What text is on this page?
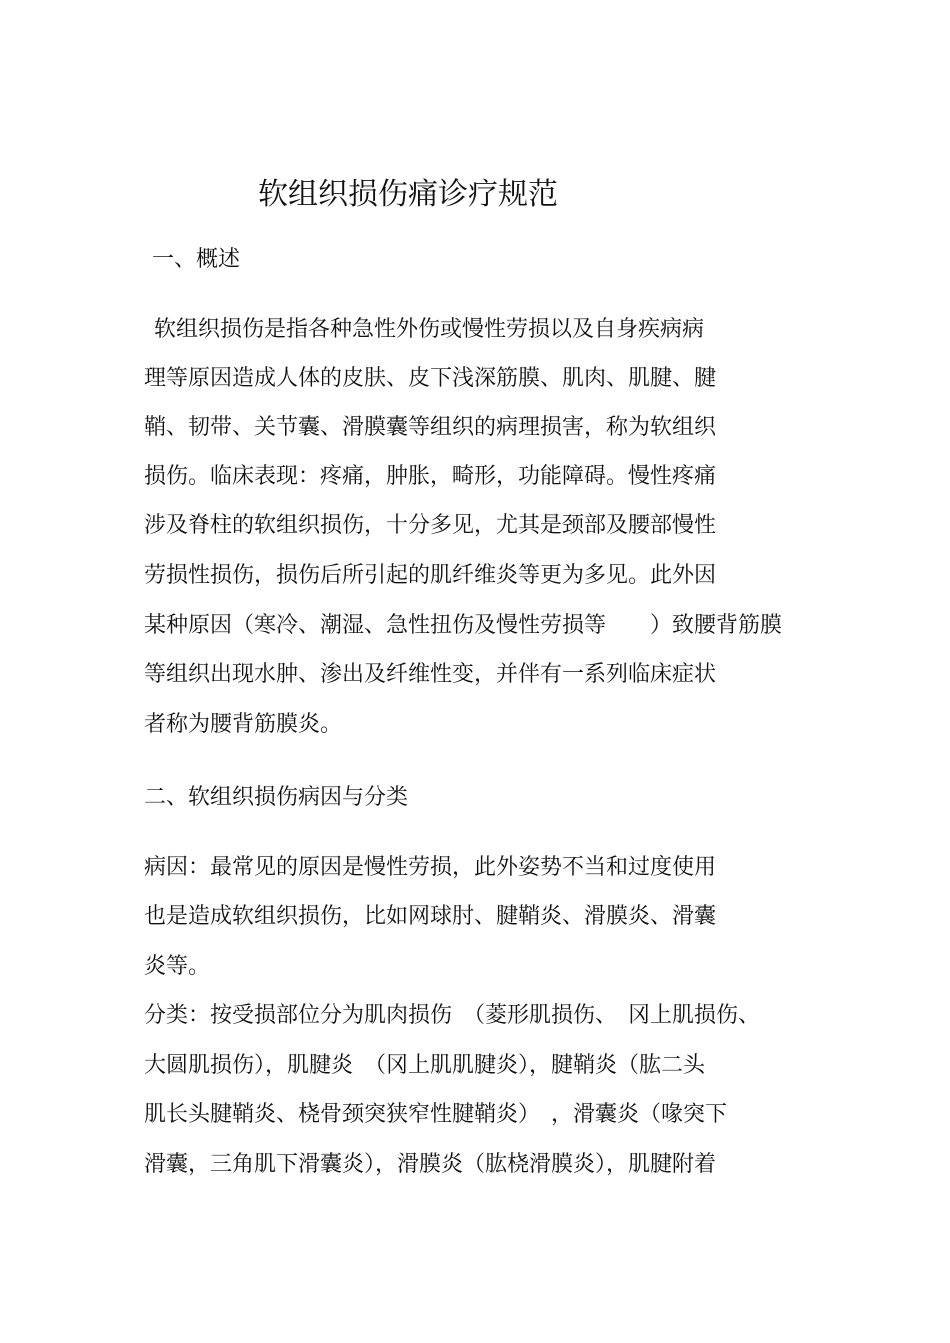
软组织损伤痛诊疗规范
一、概述
软组织损伤是指各种急性外伤或慢性劳损以及自身疾病病
理等原因造成人体的皮肤、皮下浅深筋膜、肌肉、肌腱、腱
鞘、韧带、关节囊、滑膜囊等组织的病理损害，称为软组织
损伤。临床表现：疼痛，肿胀，畸形，功能障碍。慢性疼痛
涉及脊柱的软组织损伤，十分多见，尤其是颈部及腰部慢性
劳损性损伤，损伤后所引起的肌纤维炎等更为多见。此外因
某种原因（寒冷、潮湿、急性扭伤及慢性劳损等　　）致腰背筋膜
等组织出现水肿、渗出及纤维性变，并伴有一系列临床症状
者称为腰背筋膜炎。
二、软组织损伤病因与分类
病因：最常见的原因是慢性劳损，此外姿势不当和过度使用
也是造成软组织损伤，比如网球肘、腱鞘炎、滑膜炎、滑囊
炎等。
分类：按受损部位分为肌肉损伤　（菱形肌损伤、　冈上肌损伤、
大圆肌损伤），肌腱炎　（冈上肌肌腱炎），腱鞘炎（肱二头
肌长头腱鞘炎、桡骨颈突狭窄性腱鞘炎）　，滑囊炎（喙突下
滑囊，三角肌下滑囊炎），滑膜炎（肱桡滑膜炎），肌腱附着
